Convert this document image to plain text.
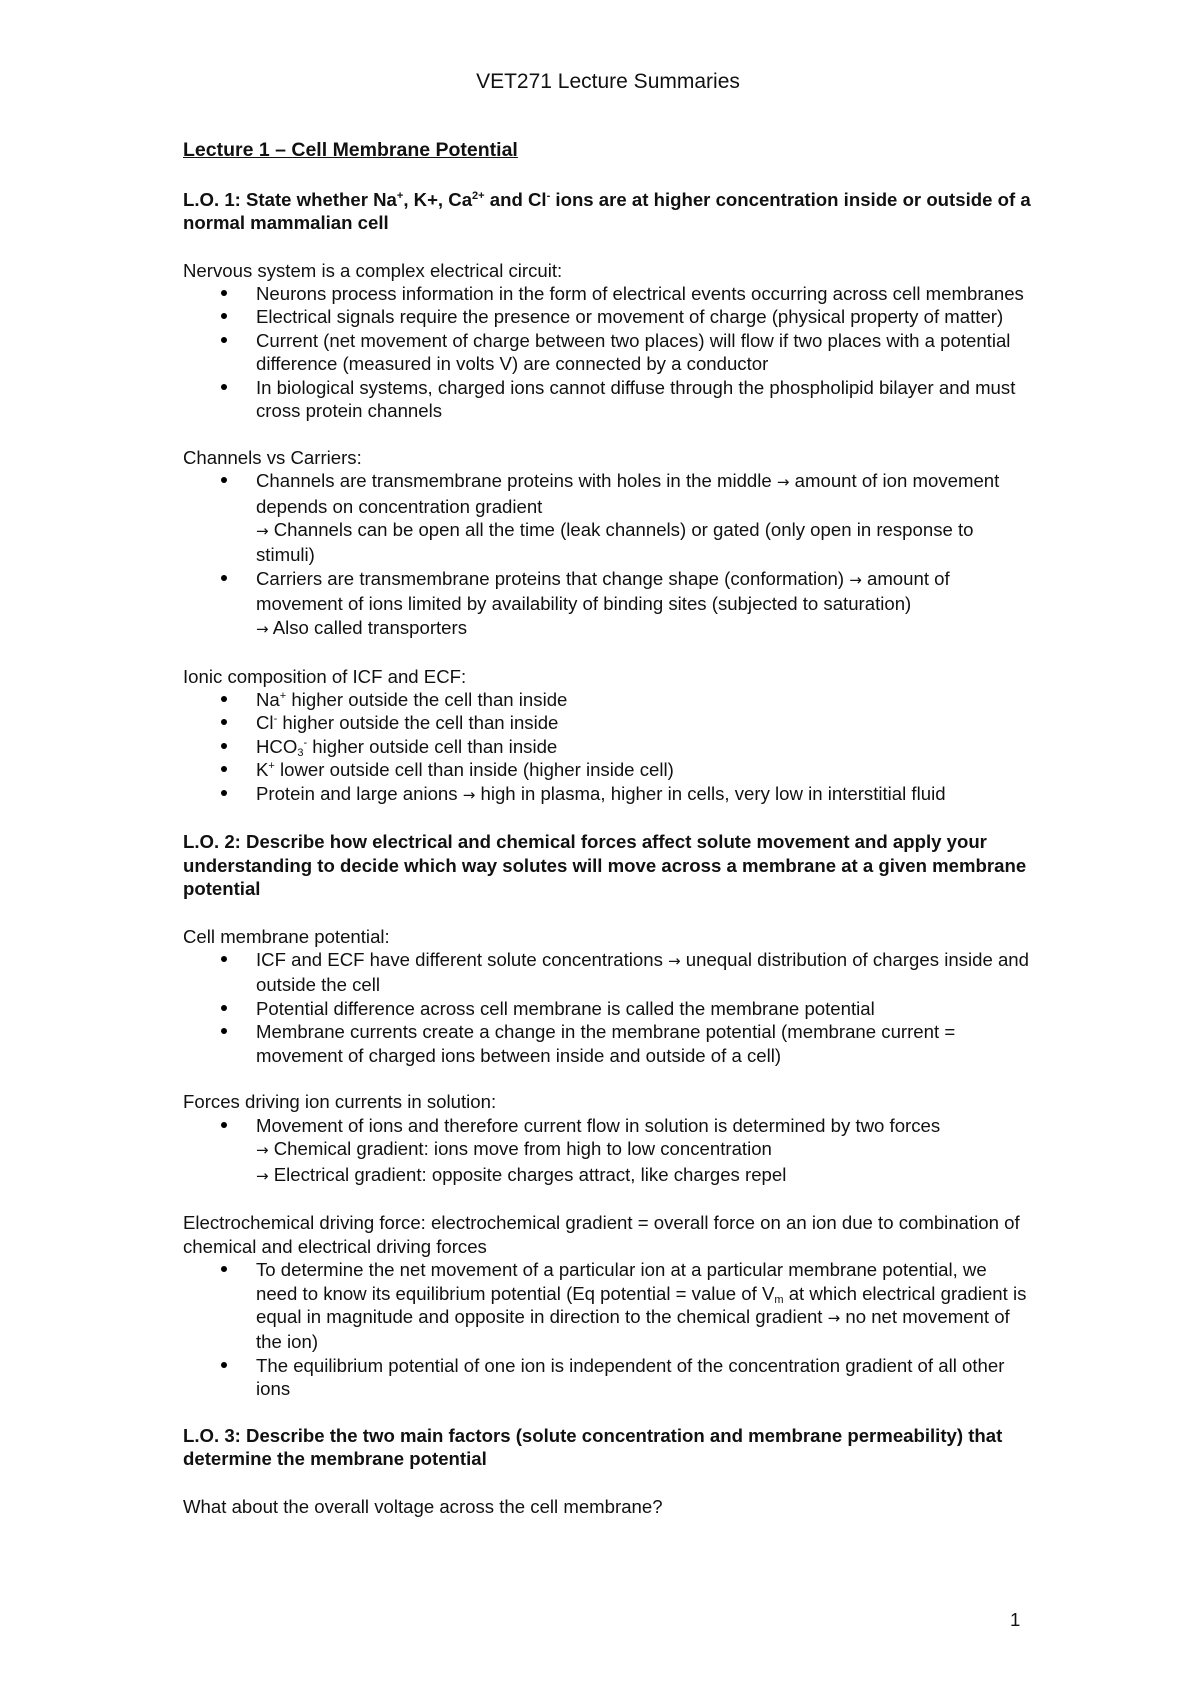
VET271 Lecture Summaries
Lecture 1 – Cell Membrane Potential
L.O. 1: State whether Na+, K+, $Ca^{2+}$ and Cl- ions are at higher concentration inside or outside of a normal mammalian cell

Nervous system is a complex electrical circuit:

Neurons process information in the form of electrical events occurring across cell membranes
Electrical signals require the presence or movement of charge (physical property of matter)
Current (net movement of charge between two places) will flow if two places with a potential difference (measured in volts V) are connected by a conductor
In biological systems, charged ions cannot diffuse through the phospholipid bilayer and must cross protein channels

Channels vs Carriers:

Channels are transmembrane proteins with holes in the middle → amount of ion movement depends on concentration gradient
→ Channels can be open all the time (leak channels) or gated (only open in response to stimuli)
Carriers are transmembrane proteins that change shape (conformation) → amount of movement of ions limited by availability of binding sites (subjected to saturation)
→ Also called transporters

Ionic composition of ICF and ECF:

Na+ higher outside the cell than inside
Cl- higher outside the cell than inside
$HCO_3^-$ higher outside cell than inside
K+ lower outside cell than inside (higher inside cell)
Protein and large anions → high in plasma, higher in cells, very low in interstitial fluid
L.O. 2: Describe how electrical and chemical forces affect solute movement and apply your understanding to decide which way solutes will move across a membrane at a given membrane potential

Cell membrane potential:

ICF and ECF have different solute concentrations → unequal distribution of charges inside and outside the cell
Potential difference across cell membrane is called the membrane potential
Membrane currents create a change in the membrane potential (membrane current = movement of charged ions between inside and outside of a cell)

Forces driving ion currents in solution:

Movement of ions and therefore current flow in solution is determined by two forces
→ Chemical gradient: ions move from high to low concentration
→ Electrical gradient: opposite charges attract, like charges repel

Electrochemical driving force: electrochemical gradient = overall force on an ion due to combination of chemical and electrical driving forces

To determine the net movement of a particular ion at a particular membrane potential, we need to know its equilibrium potential (Eq potential = value of $V_m$ at which electrical gradient is equal in magnitude and opposite in direction to the chemical gradient → no net movement of the ion)
The equilibrium potential of one ion is independent of the concentration gradient of all other ions
L.O. 3: Describe the two main factors (solute concentration and membrane permeability) that determine the membrane potential

What about the overall voltage across the cell membrane?

1
